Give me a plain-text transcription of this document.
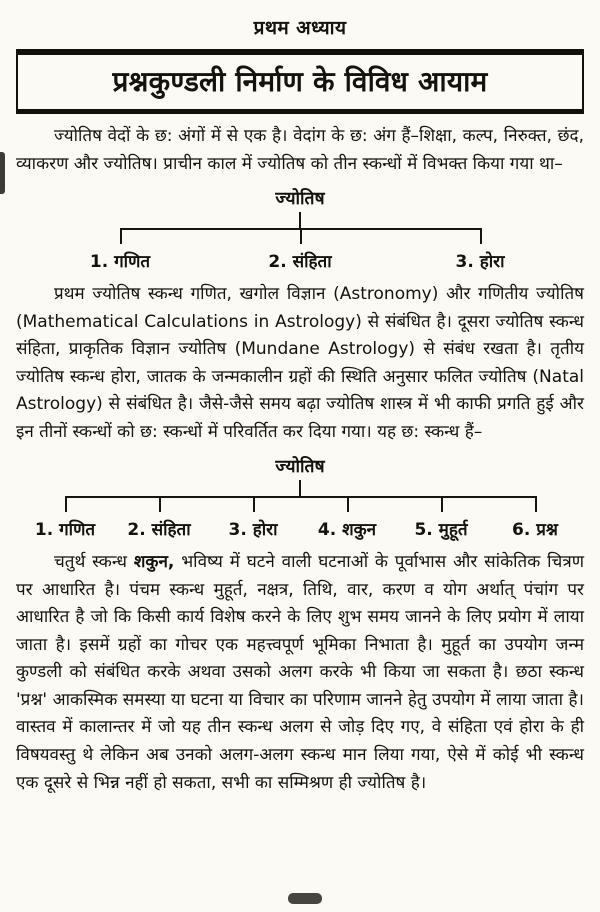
प्रथम अध्याय
प्रश्नकुण्डली निर्माण के विविध आयाम

ज्योतिष वेदों के छ: अंगों में से एक है। वेदांग के छ: अंग हैं–शिक्षा, कल्प, निरुक्त, छंद, व्याकरण और ज्योतिष। प्राचीन काल में ज्योतिष को तीन स्कन्धों में विभक्त किया गया था–

ज्योतिष
1. गणित	2. संहिता	3. होरा

प्रथम ज्योतिष स्कन्ध गणित, खगोल विज्ञान (Astronomy) और गणितीय ज्योतिष (Mathematical Calculations in Astrology) से संबंधित है। दूसरा ज्योतिष स्कन्ध संहिता, प्राकृतिक विज्ञान ज्योतिष (Mundane Astrology) से संबंध रखता है। तृतीय ज्योतिष स्कन्ध होरा, जातक के जन्मकालीन ग्रहों की स्थिति अनुसार फलित ज्योतिष (Natal Astrology) से संबंधित है। जैसे-जैसे समय बढ़ा ज्योतिष शास्त्र में भी काफी प्रगति हुई और इन तीनों स्कन्धों को छ: स्कन्धों में परिवर्तित कर दिया गया। यह छ: स्कन्ध हैं–

ज्योतिष
1. गणित	2. संहिता	3. होरा	4. शकुन	5. मुहूर्त	6. प्रश्न

चतुर्थ स्कन्ध शकुन, भविष्य में घटने वाली घटनाओं के पूर्वाभास और सांकेतिक चित्रण पर आधारित है। पंचम स्कन्ध मुहूर्त, नक्षत्र, तिथि, वार, करण व योग अर्थात् पंचांग पर आधारित है जो कि किसी कार्य विशेष करने के लिए शुभ समय जानने के लिए प्रयोग में लाया जाता है। इसमें ग्रहों का गोचर एक महत्त्वपूर्ण भूमिका निभाता है। मुहूर्त का उपयोग जन्म कुण्डली को संबंधित करके अथवा उसको अलग करके भी किया जा सकता है। छठा स्कन्ध 'प्रश्न' आकस्मिक समस्या या घटना या विचार का परिणाम जानने हेतु उपयोग में लाया जाता है। वास्तव में कालान्तर में जो यह तीन स्कन्ध अलग से जोड़ दिए गए, वे संहिता एवं होरा के ही विषयवस्तु थे लेकिन अब उनको अलग-अलग स्कन्ध मान लिया गया, ऐसे में कोई भी स्कन्ध एक दूसरे से भिन्न नहीं हो सकता, सभी का सम्मिश्रण ही ज्योतिष है।
